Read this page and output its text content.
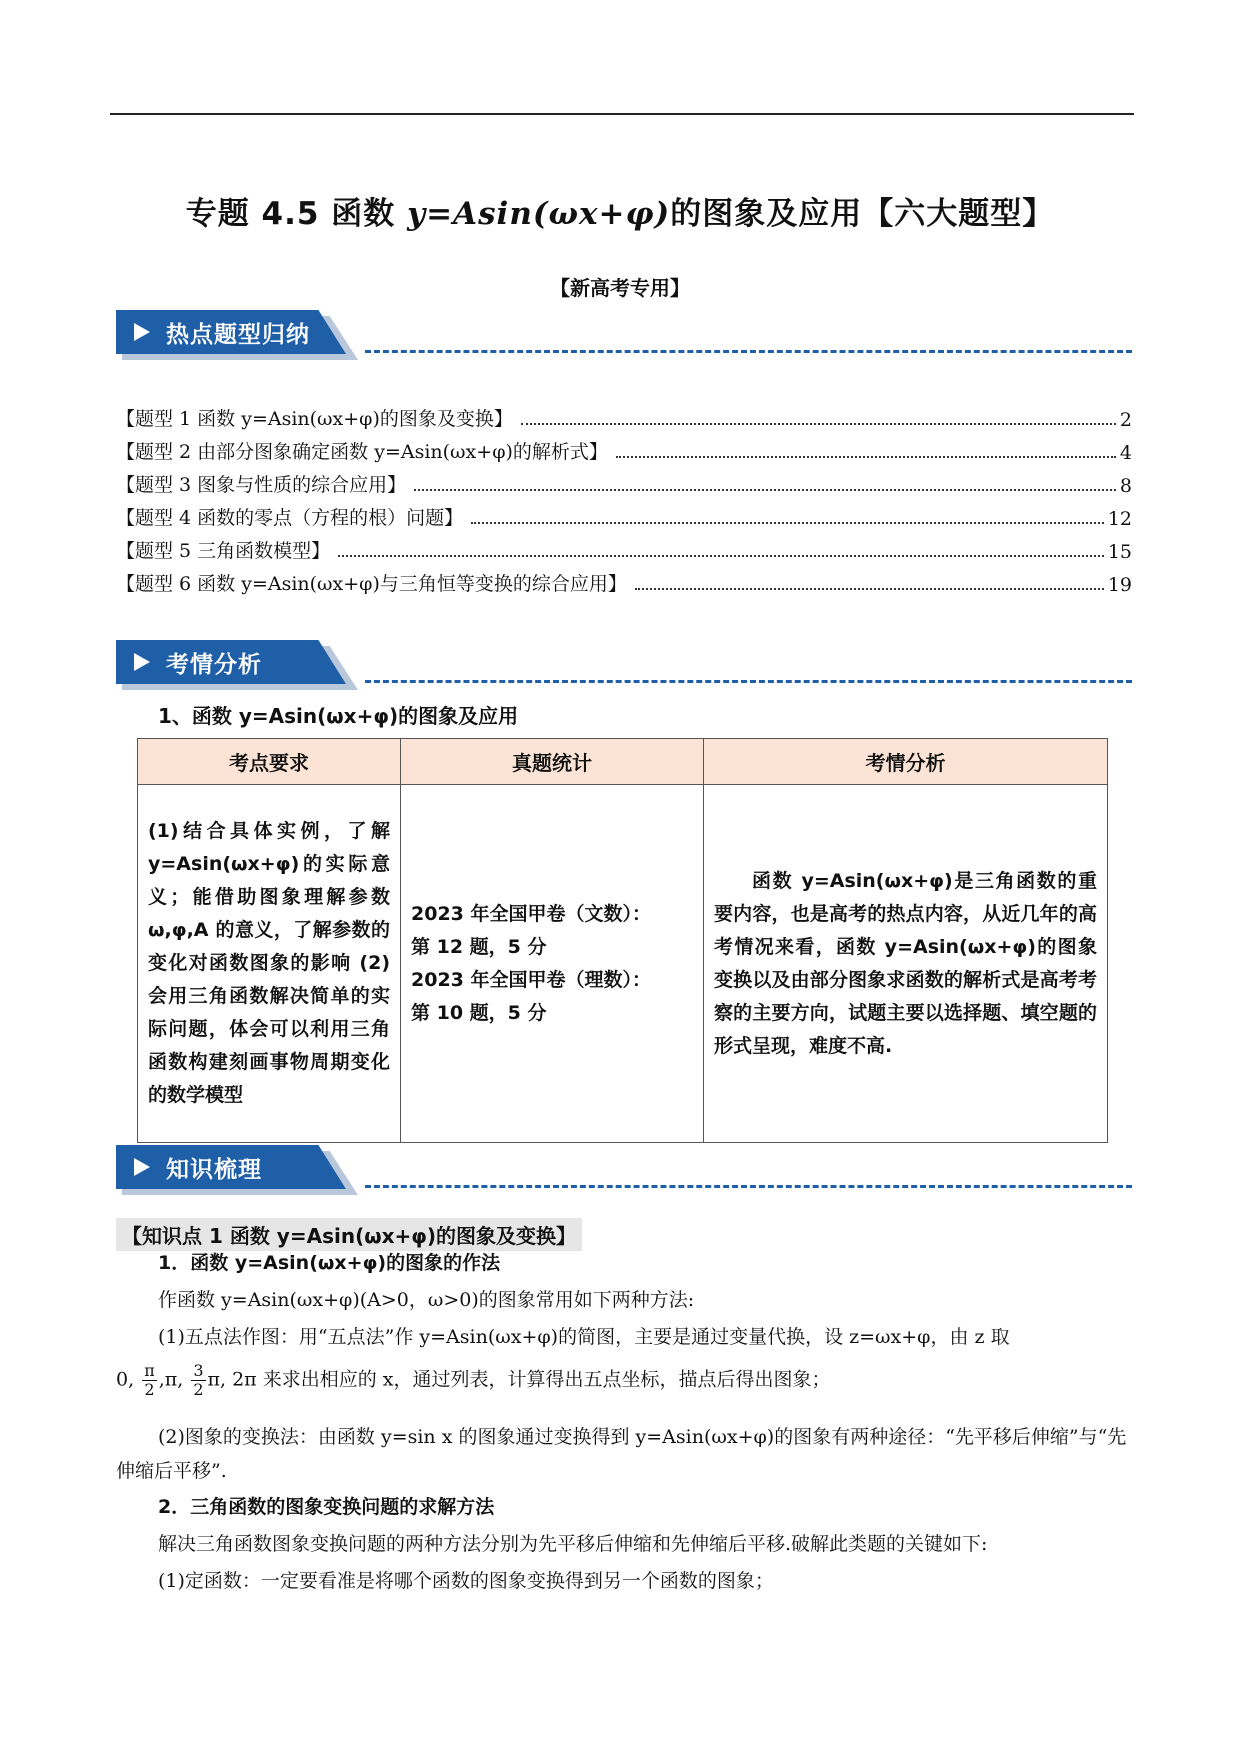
专题 4.5 函数 y=Asin(ωx+φ)的图象及应用【六大题型】
【新高考专用】
热点题型归纳
【题型 1 函数 y=Asin(ωx+φ)的图象及变换】	2
【题型 2 由部分图象确定函数 y=Asin(ωx+φ)的解析式】	4
【题型 3 图象与性质的综合应用】	8
【题型 4 函数的零点（方程的根）问题】	12
【题型 5 三角函数模型】	15
【题型 6 函数 y=Asin(ωx+φ)与三角恒等变换的综合应用】	19
考情分析
1、函数 y=Asin(ωx+φ)的图象及应用
考点要求	真题统计	考情分析
(1)结合具体实例，了解 y=Asin(ωx+φ)的实际意义；能借助图象理解参数 ω,φ,A 的意义，了解参数的变化对函数图象的影响 (2)会用三角函数解决简单的实际问题，体会可以利用三角函数构建刻画事物周期变化的数学模型	2023 年全国甲卷（文数）：
第 12 题，5 分
2023 年全国甲卷（理数）：
第 10 题，5 分	函数 y=Asin(ωx+φ)是三角函数的重要内容，也是高考的热点内容，从近几年的高考情况来看，函数 y=Asin(ωx+φ)的图象变换以及由部分图象求函数的解析式是高考考察的主要方向，试题主要以选择题、填空题的形式呈现，难度不高.
知识梳理
【知识点 1 函数 y=Asin(ωx+φ)的图象及变换】
1．函数 y=Asin(ωx+φ)的图象的作法
作函数 y=Asin(ωx+φ)(A>0，ω>0)的图象常用如下两种方法:
(1)五点法作图：用“五点法”作 y=Asin(ωx+φ)的简图，主要是通过变量代换，设 z=ωx+φ，由 z 取
0, $\frac{\pi}{2} ,\pi$, $\frac{3}{2} \pi$, 2π 来求出相应的 x，通过列表，计算得出五点坐标，描点后得出图象；
(2)图象的变换法：由函数 y=sin x 的图象通过变换得到 y=Asin(ωx+φ)的图象有两种途径：“先平移后伸缩”与“先伸缩后平移”.
2．三角函数的图象变换问题的求解方法
解决三角函数图象变换问题的两种方法分别为先平移后伸缩和先伸缩后平移.破解此类题的关键如下:
(1)定函数：一定要看准是将哪个函数的图象变换得到另一个函数的图象；
